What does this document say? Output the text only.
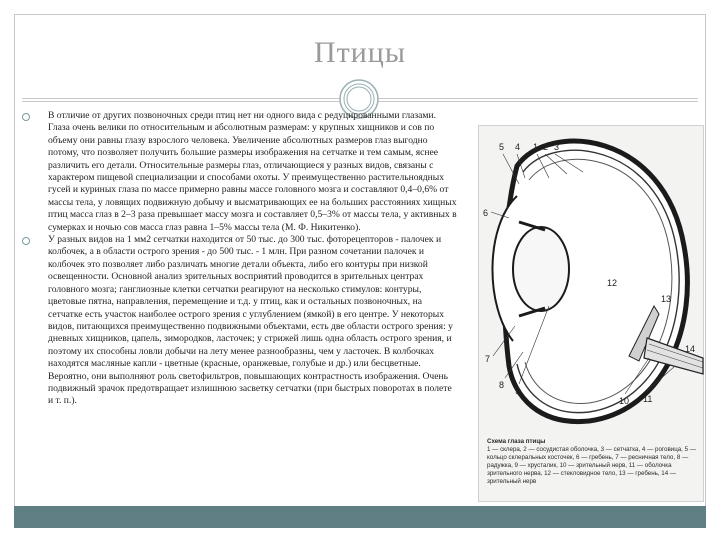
Птицы

В отличие от других позвоночных среди птиц нет ни одного вида с редуцированными глазами. Глаза очень велики по относительным и абсолютным размерам: у крупных хищников и сов по объему они равны глазу взрослого человека. Увеличение абсолютных размеров глаз выгодно потому, что позволяет получить большие размеры изображения на сетчатке и тем самым, яснее различить его детали. Относительные размеры глаз, отличающиеся у разных видов, связаны с характером пищевой специализации и способами охоты. У преимущественно растительноядных гусей и куриных глаза по массе примерно равны массе головного мозга и составляют 0,4–0,6% от массы тела, у ловящих подвижную добычу и высматривающих ее на больших расстояниях хищных птиц масса глаз в 2–3 раза превышает массу мозга и составляет 0,5–3% от массы тела, у активных в сумерках и ночью сов масса глаз равна 1–5% массы тела (М. Ф. Никитенко).

У разных видов на 1 мм2 сетчатки находится от 50 тыс. до 300 тыс. фоторецепторов - палочек и колбочек, а в области острого зрения - до 500 тыс. - 1 млн. При разном сочетании палочек и колбочек это позволяет либо различать многие детали объекта, либо его контуры при низкой освещенности. Основной анализ зрительных восприятий проводится в зрительных центрах головного мозга; ганглиозные клетки сетчатки реагируют на несколько стимулов: контуры, цветовые пятна, направления, перемещение и т.д. у птиц, как и остальных позвоночных, на сетчатке есть участок наиболее острого зрения с углублением (ямкой) в его центре. У некоторых видов, питающихся преимущественно подвижными объектами, есть две области острого зрения: у дневных хищников, цапель, зимородков, ласточек; у стрижей лишь одна область острого зрения, и поэтому их способны ловли добычи на лету менее разнообразны, чем у ласточек. В колбочках находятся масляные капли - цветные (красные, оранжевые, голубые и др.) или бесцветные. Вероятно, они выполняют роль светофильтров, повышающих контрастность изображения. Очень подвижный зрачок предотвращает излишнюю засветку сетчатки (при быстрых поворотах в полете и т. п.).

1 2 3
4
5
6
7
8
9
10 11
12
13
14
Схема глаза птицы
1 — склера, 2 — сосудистая оболочка, 3 — сетчатка, 4 — роговица, 5 — кольцо склеральных косточек, 6 — гребень, 7 — ресничная тело, 8 — радужка, 9 — хрусталик, 10 — зрительный нерв, 11 — оболочка зрительного нерва, 12 — стекловидное тело, 13 — гребень, 14 — зрительный нерв
